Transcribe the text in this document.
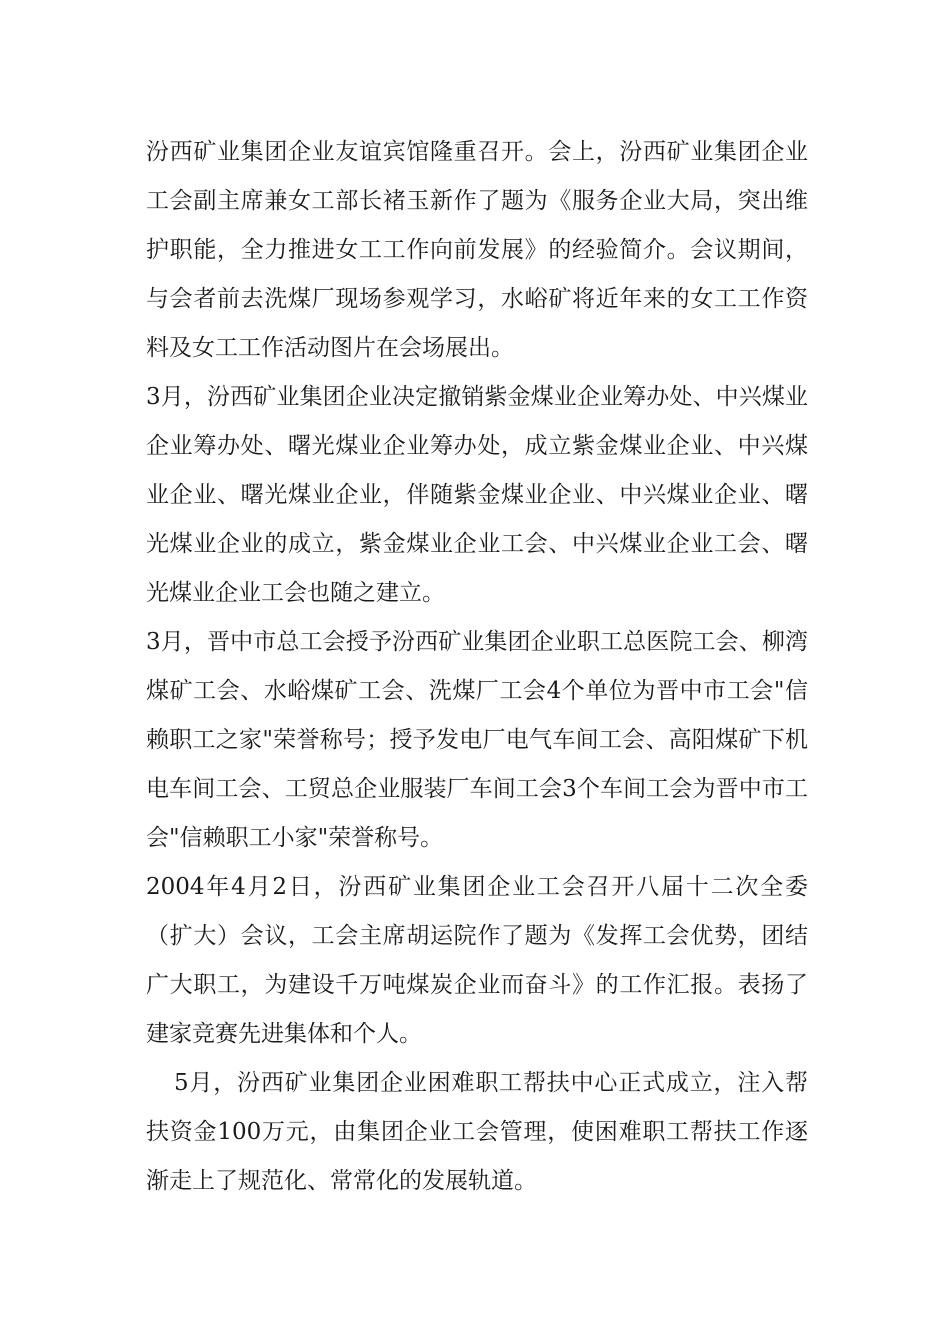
汾西矿业集团企业友谊宾馆隆重召开。会上，汾西矿业集团企业工会副主席兼女工部长褚玉新作了题为《服务企业大局，突出维护职能，全力推进女工工作向前发展》的经验简介。会议期间，与会者前去洗煤厂现场参观学习，水峪矿将近年来的女工工作资料及女工工作活动图片在会场展出。

3月，汾西矿业集团企业决定撤销紫金煤业企业筹办处、中兴煤业企业筹办处、曙光煤业企业筹办处，成立紫金煤业企业、中兴煤业企业、曙光煤业企业，伴随紫金煤业企业、中兴煤业企业、曙光煤业企业的成立，紫金煤业企业工会、中兴煤业企业工会、曙光煤业企业工会也随之建立。

3月，晋中市总工会授予汾西矿业集团企业职工总医院工会、柳湾煤矿工会、水峪煤矿工会、洗煤厂工会4个单位为晋中市工会"信赖职工之家"荣誉称号；授予发电厂电气车间工会、高阳煤矿下机电车间工会、工贸总企业服装厂车间工会3个车间工会为晋中市工会"信赖职工小家"荣誉称号。

2004年4月2日，汾西矿业集团企业工会召开八届十二次全委（扩大）会议，工会主席胡运院作了题为《发挥工会优势，团结广大职工，为建设千万吨煤炭企业而奋斗》的工作汇报。表扬了建家竞赛先进集体和个人。

5月，汾西矿业集团企业困难职工帮扶中心正式成立，注入帮扶资金100万元，由集团企业工会管理，使困难职工帮扶工作逐渐走上了规范化、常常化的发展轨道。
